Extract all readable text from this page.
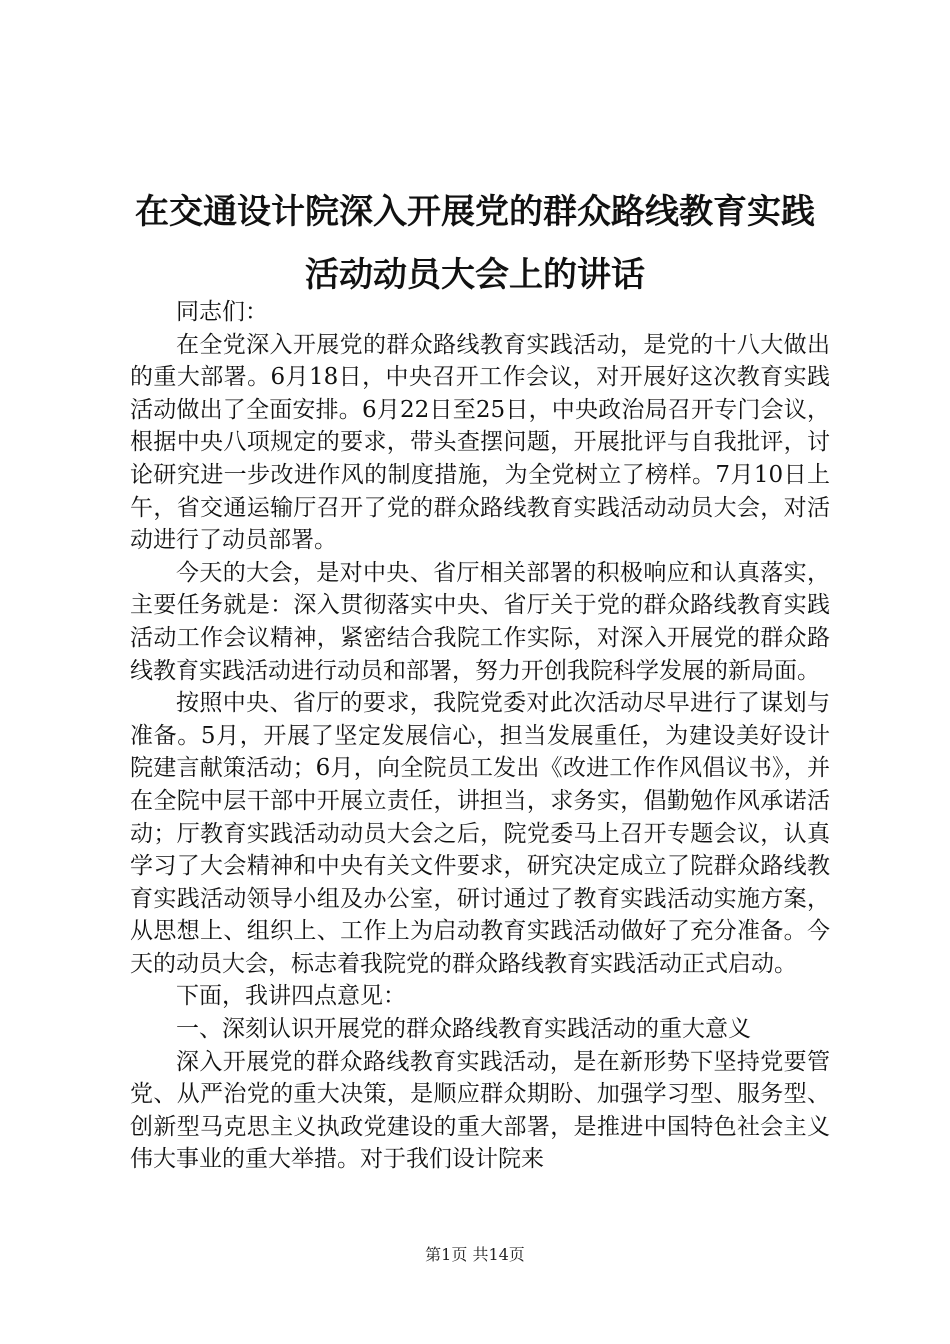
在交通设计院深入开展党的群众路线教育实践
活动动员大会上的讲话

同志们：

在全党深入开展党的群众路线教育实践活动，是党的十八大做出的重大部署。6月18日，中央召开工作会议，对开展好这次教育实践活动做出了全面安排。6月22日至25日，中央政治局召开专门会议，根据中央八项规定的要求，带头查摆问题，开展批评与自我批评，讨论研究进一步改进作风的制度措施，为全党树立了榜样。7月10日上午，省交通运输厅召开了党的群众路线教育实践活动动员大会，对活动进行了动员部署。

今天的大会，是对中央、省厅相关部署的积极响应和认真落实，主要任务就是：深入贯彻落实中央、省厅关于党的群众路线教育实践活动工作会议精神，紧密结合我院工作实际，对深入开展党的群众路线教育实践活动进行动员和部署，努力开创我院科学发展的新局面。

按照中央、省厅的要求，我院党委对此次活动尽早进行了谋划与准备。5月，开展了坚定发展信心，担当发展重任，为建设美好设计院建言献策活动；6月，向全院员工发出《改进工作作风倡议书》，并在全院中层干部中开展立责任，讲担当，求务实，倡勤勉作风承诺活动；厅教育实践活动动员大会之后，院党委马上召开专题会议，认真学习了大会精神和中央有关文件要求，研究决定成立了院群众路线教育实践活动领导小组及办公室，研讨通过了教育实践活动实施方案，从思想上、组织上、工作上为启动教育实践活动做好了充分准备。今天的动员大会，标志着我院党的群众路线教育实践活动正式启动。

下面，我讲四点意见：

一、深刻认识开展党的群众路线教育实践活动的重大意义

深入开展党的群众路线教育实践活动，是在新形势下坚持党要管党、从严治党的重大决策，是顺应群众期盼、加强学习型、服务型、创新型马克思主义执政党建设的重大部署，是推进中国特色社会主义伟大事业的重大举措。对于我们设计院来

第1页 共14页
